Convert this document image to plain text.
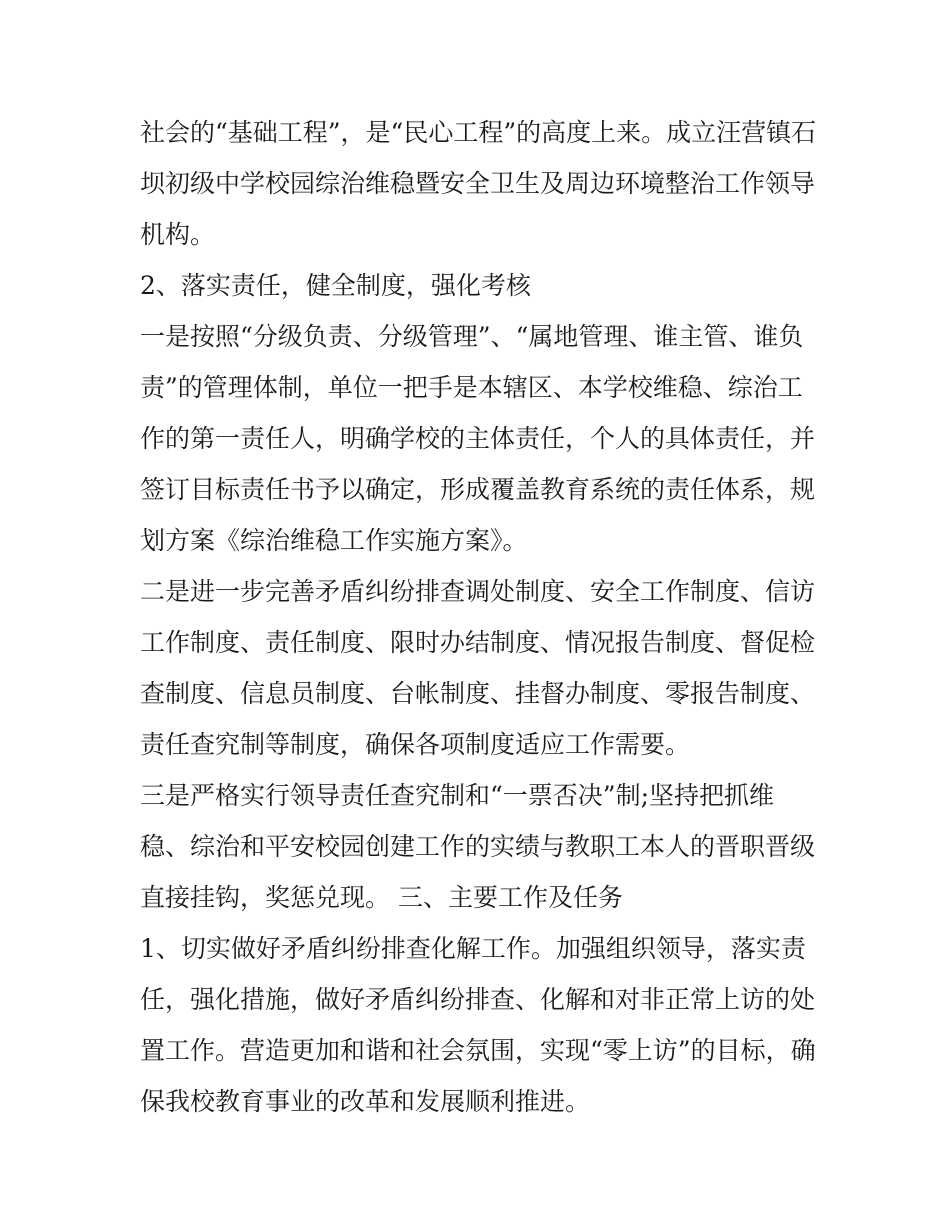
社会的“基础工程”，是“民心工程”的高度上来。成立汪营镇石
坝初级中学校园综治维稳暨安全卫生及周边环境整治工作领导
机构。
2、落实责任，健全制度，强化考核
一是按照“分级负责、分级管理”、“属地管理、谁主管、谁负
责”的管理体制，单位一把手是本辖区、本学校维稳、综治工
作的第一责任人，明确学校的主体责任，个人的具体责任，并
签订目标责任书予以确定，形成覆盖教育系统的责任体系，规
划方案《综治维稳工作实施方案》。
二是进一步完善矛盾纠纷排查调处制度、安全工作制度、信访
工作制度、责任制度、限时办结制度、情况报告制度、督促检
查制度、信息员制度、台帐制度、挂督办制度、零报告制度、
责任查究制等制度，确保各项制度适应工作需要。
三是严格实行领导责任查究制和“一票否决”制;坚持把抓维
稳、综治和平安校园创建工作的实绩与教职工本人的晋职晋级
直接挂钩，奖惩兑现。 三、主要工作及任务
1、切实做好矛盾纠纷排查化解工作。加强组织领导，落实责
任，强化措施，做好矛盾纠纷排查、化解和对非正常上访的处
置工作。营造更加和谐和社会氛围，实现“零上访”的目标，确
保我校教育事业的改革和发展顺利推进。
